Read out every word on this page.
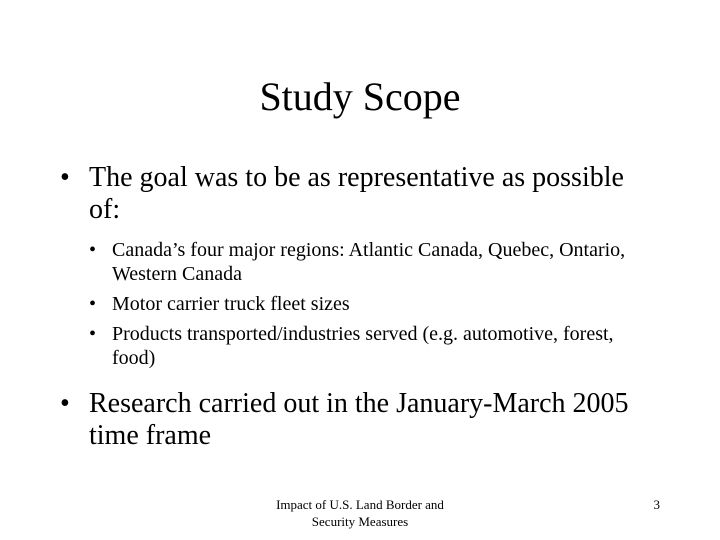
Study Scope
• The goal was to be as representative as possible of:
• Canada’s four major regions: Atlantic Canada, Quebec, Ontario, Western Canada
• Motor carrier truck fleet sizes
• Products transported/industries served (e.g. automotive, forest, food)
• Research carried out in the January-March 2005 time frame
Impact of U.S. Land Border and
Security Measures
3
